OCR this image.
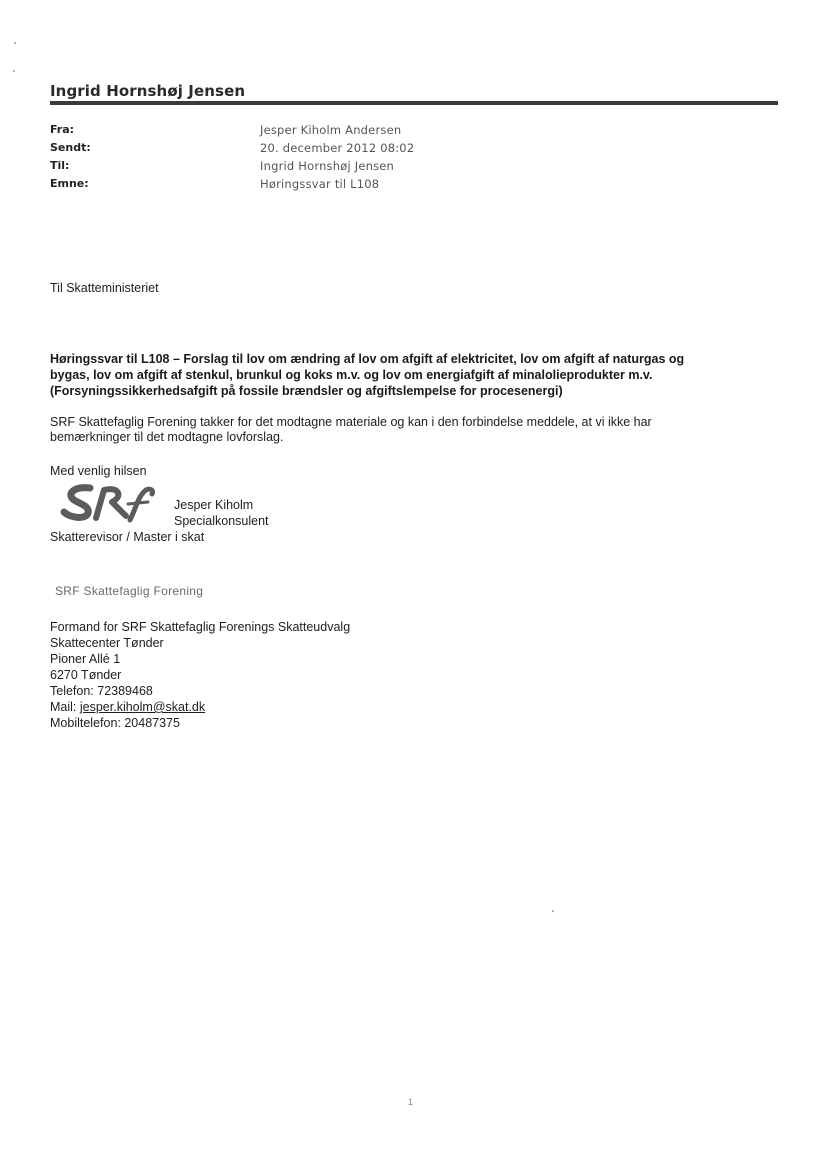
Ingrid Hornshøj Jensen
Fra:	Jesper Kiholm Andersen
Sendt:	20. december 2012 08:02
Til:	Ingrid Hornshøj Jensen
Emne:	Høringssvar til L108
Til Skatteministeriet
Høringssvar til L108 – Forslag til lov om ændring af lov om afgift af elektricitet, lov om afgift af naturgas og
bygas, lov om afgift af stenkul, brunkul og koks m.v. og lov om energiafgift af minalolieprodukter m.v.
(Forsyningssikkerhedsafgift på fossile brændsler og afgiftslempelse for procesenergi)
SRF Skattefaglig Forening takker for det modtagne materiale og kan i den forbindelse meddele, at vi ikke har
bemærkninger til det modtagne lovforslag.
Med venlig hilsen
Jesper Kiholm
Specialkonsulent
Skatterevisor / Master i skat
SRF Skattefaglig Forening
Formand for SRF Skattefaglig Forenings Skatteudvalg
Skattecenter Tønder
Pioner Allé 1
6270 Tønder
Telefon: 72389468
Mail: jesper.kiholm@skat.dk
Mobiltelefon: 20487375
1
